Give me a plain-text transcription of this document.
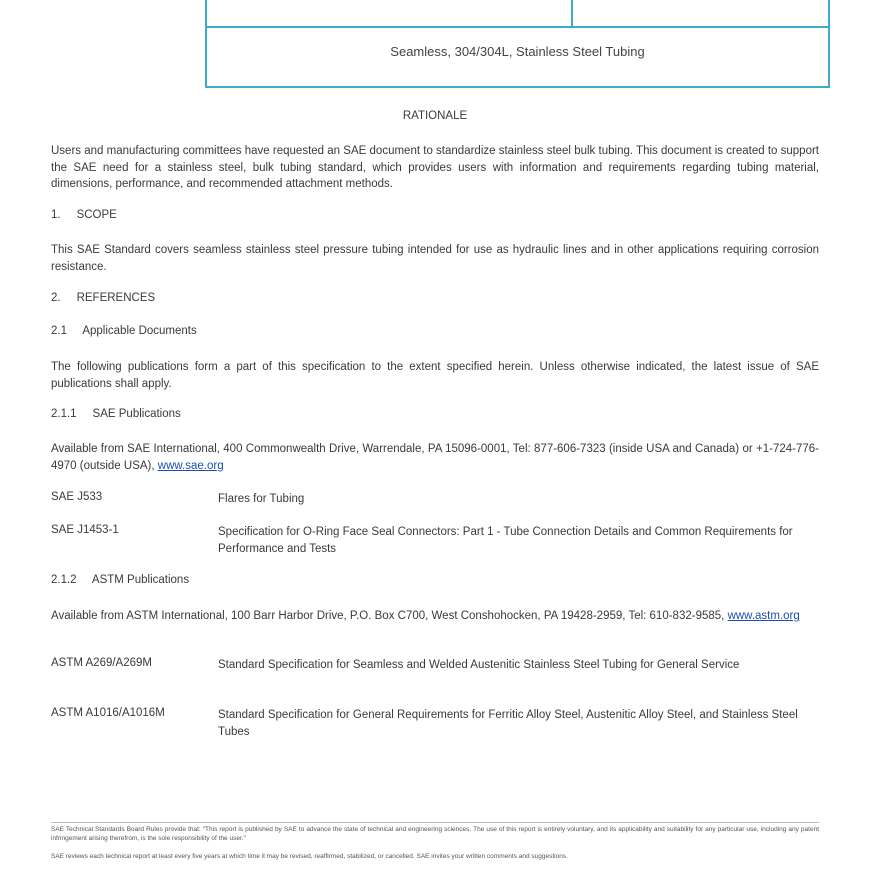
Seamless, 304/304L, Stainless Steel Tubing
RATIONALE
Users and manufacturing committees have requested an SAE document to standardize stainless steel bulk tubing. This document is created to support the SAE need for a stainless steel, bulk tubing standard, which provides users with information and requirements regarding tubing material, dimensions, performance, and recommended attachment methods.
1.     SCOPE
This SAE Standard covers seamless stainless steel pressure tubing intended for use as hydraulic lines and in other applications requiring corrosion resistance.
2.     REFERENCES
2.1     Applicable Documents
The following publications form a part of this specification to the extent specified herein. Unless otherwise indicated, the latest issue of SAE publications shall apply.
2.1.1     SAE Publications
Available from SAE International, 400 Commonwealth Drive, Warrendale, PA 15096-0001, Tel: 877-606-7323 (inside USA and Canada) or +1-724-776-4970 (outside USA), www.sae.org
SAE J533	Flares for Tubing
SAE J1453-1	Specification for O-Ring Face Seal Connectors: Part 1 - Tube Connection Details and Common Requirements for Performance and Tests
2.1.2     ASTM Publications
Available from ASTM International, 100 Barr Harbor Drive, P.O. Box C700, West Conshohocken, PA 19428-2959, Tel: 610-832-9585, www.astm.org
ASTM A269/A269M	Standard Specification for Seamless and Welded Austenitic Stainless Steel Tubing for General Service
ASTM A1016/A1016M	Standard Specification for General Requirements for Ferritic Alloy Steel, Austenitic Alloy Steel, and Stainless Steel Tubes
SAE Technical Standards Board Rules provide that: "This report is published by SAE to advance the state of technical and engineering sciences. The use of this report is entirely voluntary, and its applicability and suitability for any particular use, including any patent infringement arising therefrom, is the sole responsibility of the user."
SAE reviews each technical report at least every five years at which time it may be revised, reaffirmed, stabilized, or cancelled. SAE invites your written comments and suggestions.
